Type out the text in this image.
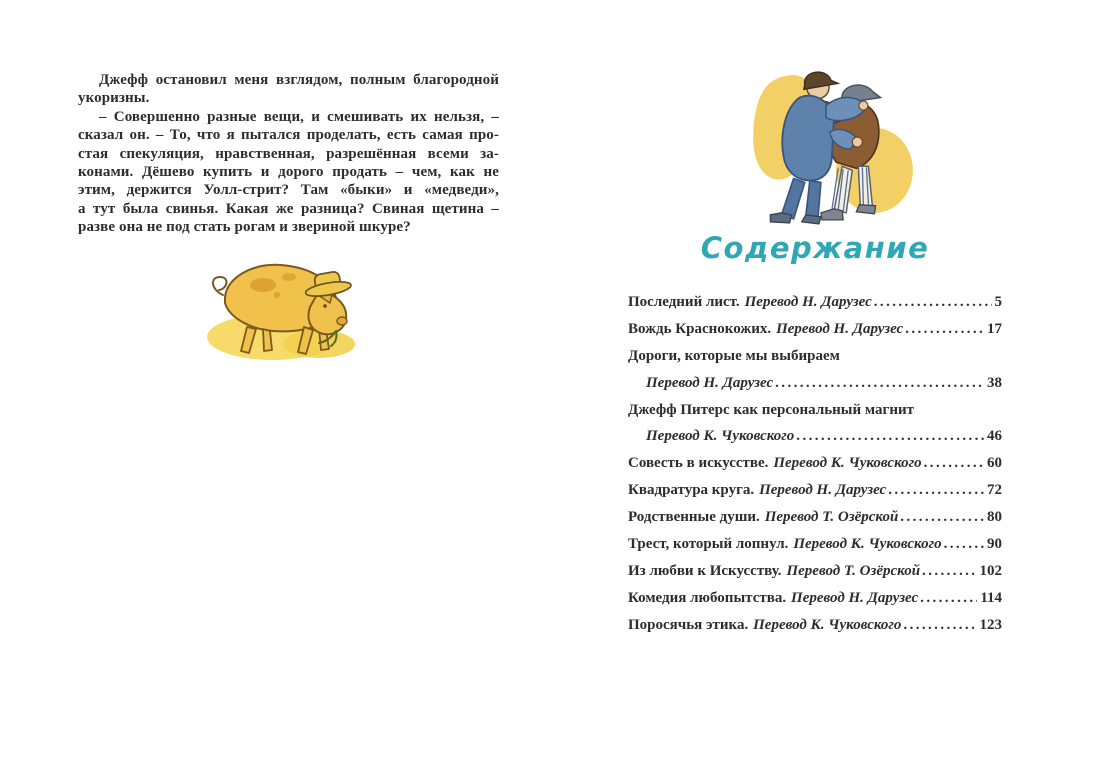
Джефф остановил меня взглядом, полным благородной
укоризны.
– Совершенно разные вещи, и смешивать их нельзя, –
сказал он. – То, что я пытался проделать, есть самая про-
стая спекуляция, нравственная, разрешённая всеми за-
конами. Дёшево купить и дорого продать – чем, как не
этим, держится Уолл-стрит? Там «быки» и «медведи»,
а тут была свинья. Какая же разница? Свиная щетина –
разве она не под стать рогам и звериной шкуре?
Содержание
Последний лист. Перевод Н. Дарузес .....	5
Вождь Краснокожих. Перевод Н. Дарузес .....	17
Дороги, которые мы выбираем
Перевод Н. Дарузес .....	38
Джефф Питерс как персональный магнит
Перевод К. Чуковского .....	46
Совесть в искусстве. Перевод К. Чуковского .....	60
Квадратура круга. Перевод Н. Дарузес .....	72
Родственные души. Перевод Т. Озёрской .....	80
Трест, который лопнул. Перевод К. Чуковского .....	90
Из любви к Искусству. Перевод Т. Озёрской .....	102
Комедия любопытства. Перевод Н. Дарузес .....	114
Поросячья этика. Перевод К. Чуковского .....	123
